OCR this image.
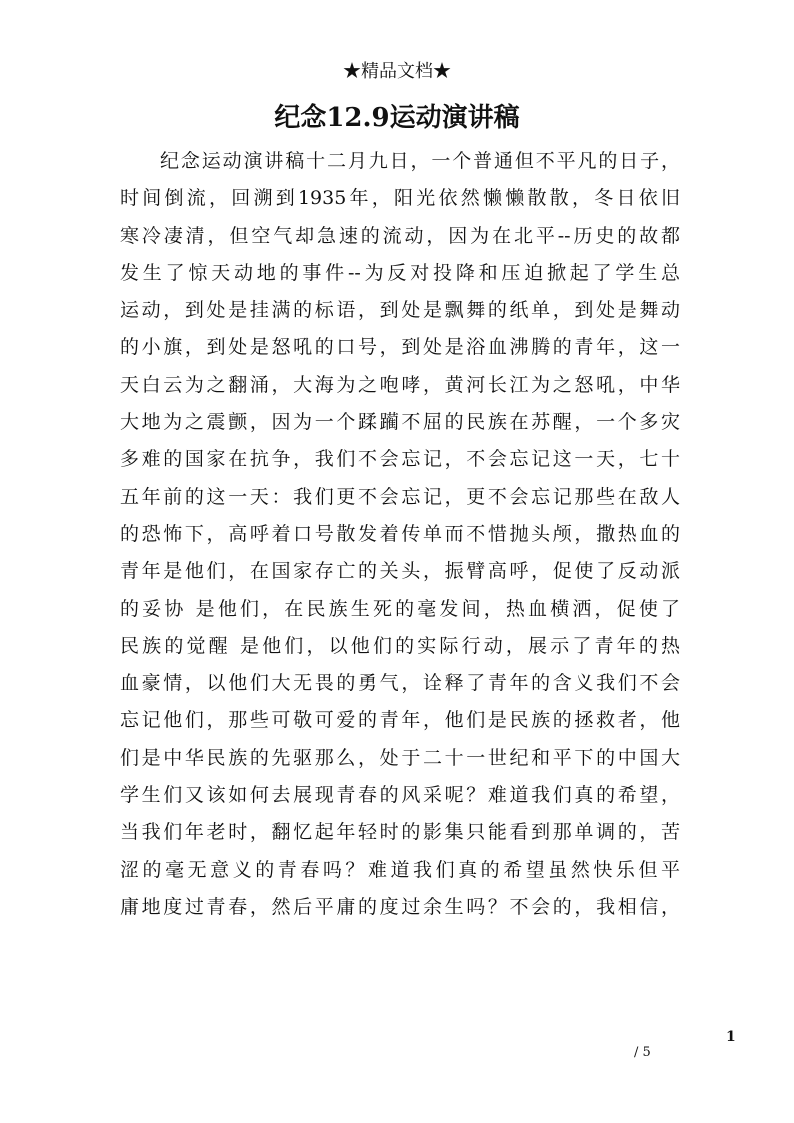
★精品文档★
纪念12.9运动演讲稿
纪念运动演讲稿十二月九日，一个普通但不平凡的日子，
时间倒流，回溯到1935年，阳光依然懒懒散散，冬日依旧
寒冷凄清，但空气却急速的流动，因为在北平--历史的故都
发生了惊天动地的事件--为反对投降和压迫掀起了学生总
运动，到处是挂满的标语，到处是飘舞的纸单，到处是舞动
的小旗，到处是怒吼的口号，到处是浴血沸腾的青年，这一
天白云为之翻涌，大海为之咆哮，黄河长江为之怒吼，中华
大地为之震颤，因为一个蹂躏不屈的民族在苏醒，一个多灾
多难的国家在抗争，我们不会忘记，不会忘记这一天，七十
五年前的这一天：我们更不会忘记，更不会忘记那些在敌人
的恐怖下，高呼着口号散发着传单而不惜抛头颅，撒热血的
青年是他们，在国家存亡的关头，振臂高呼，促使了反动派
的妥协 是他们，在民族生死的毫发间，热血横洒，促使了
民族的觉醒 是他们，以他们的实际行动，展示了青年的热
血豪情，以他们大无畏的勇气，诠释了青年的含义我们不会
忘记他们，那些可敬可爱的青年，他们是民族的拯救者，他
们是中华民族的先驱那么，处于二十一世纪和平下的中国大
学生们又该如何去展现青春的风采呢？难道我们真的希望，
当我们年老时，翻忆起年轻时的影集只能看到那单调的，苦
涩的毫无意义的青春吗？难道我们真的希望虽然快乐但平
庸地度过青春，然后平庸的度过余生吗？不会的，我相信，
1
/ 5
